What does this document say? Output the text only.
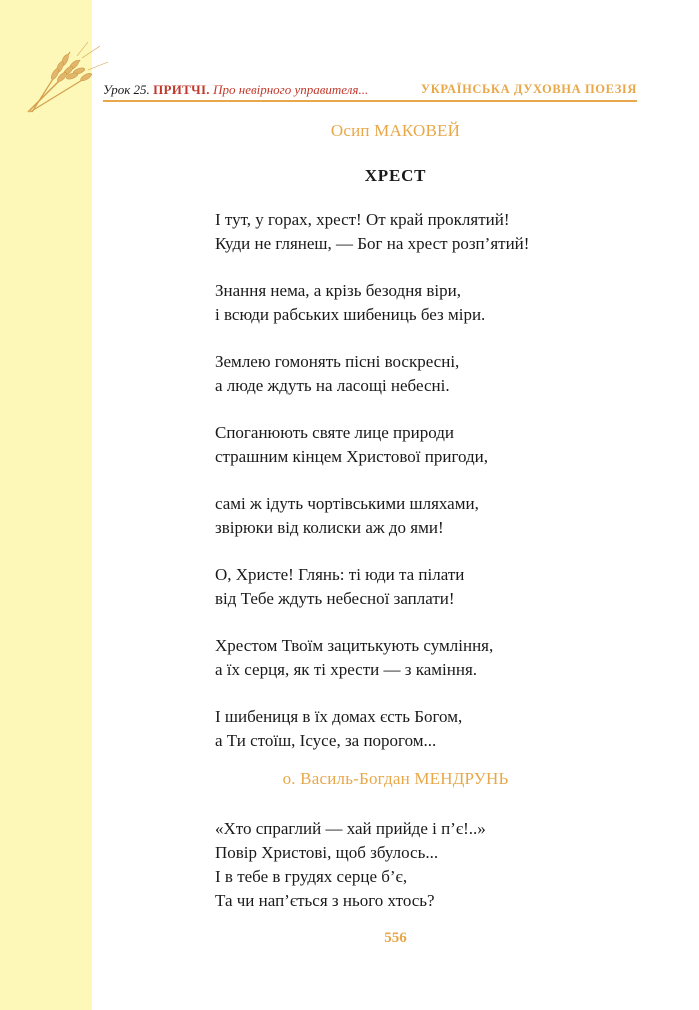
Урок 25. ПРИТЧІ. Про невірного управителя...	УКРАЇНСЬКА ДУХОВНА ПОЕЗІЯ
Осип МАКОВЕЙ
ХРЕСТ
І тут, у горах, хрест! От край проклятий!
Куди не глянеш, — Бог на хрест розп’ятий!
Знання нема, а крізь безодня віри,
і всюди рабських шибениць без міри.
Землею гомонять пісні воскресні,
а люде ждуть на ласощі небесні.
Споганюють святе лице природи
страшним кінцем Христової пригоди,
самі ж ідуть чортівськими шляхами,
звірюки від колиски аж до ями!
О, Христе! Глянь: ті юди та пілати
від Тебе ждуть небесної заплати!
Хрестом Твоїм зацитькують сумління,
а їх серця, як ті хрести — з каміння.
І шибениця в їх домах єсть Богом,
а Ти стоїш, Ісусе, за порогом...
о. Василь-Богдан МЕНДРУНЬ
«Хто спраглий — хай прийде і п’є!..»
Повір Христові, щоб збулось...
І в тебе в грудях серце б’є,
Та чи нап’ється з нього хтось?
556
